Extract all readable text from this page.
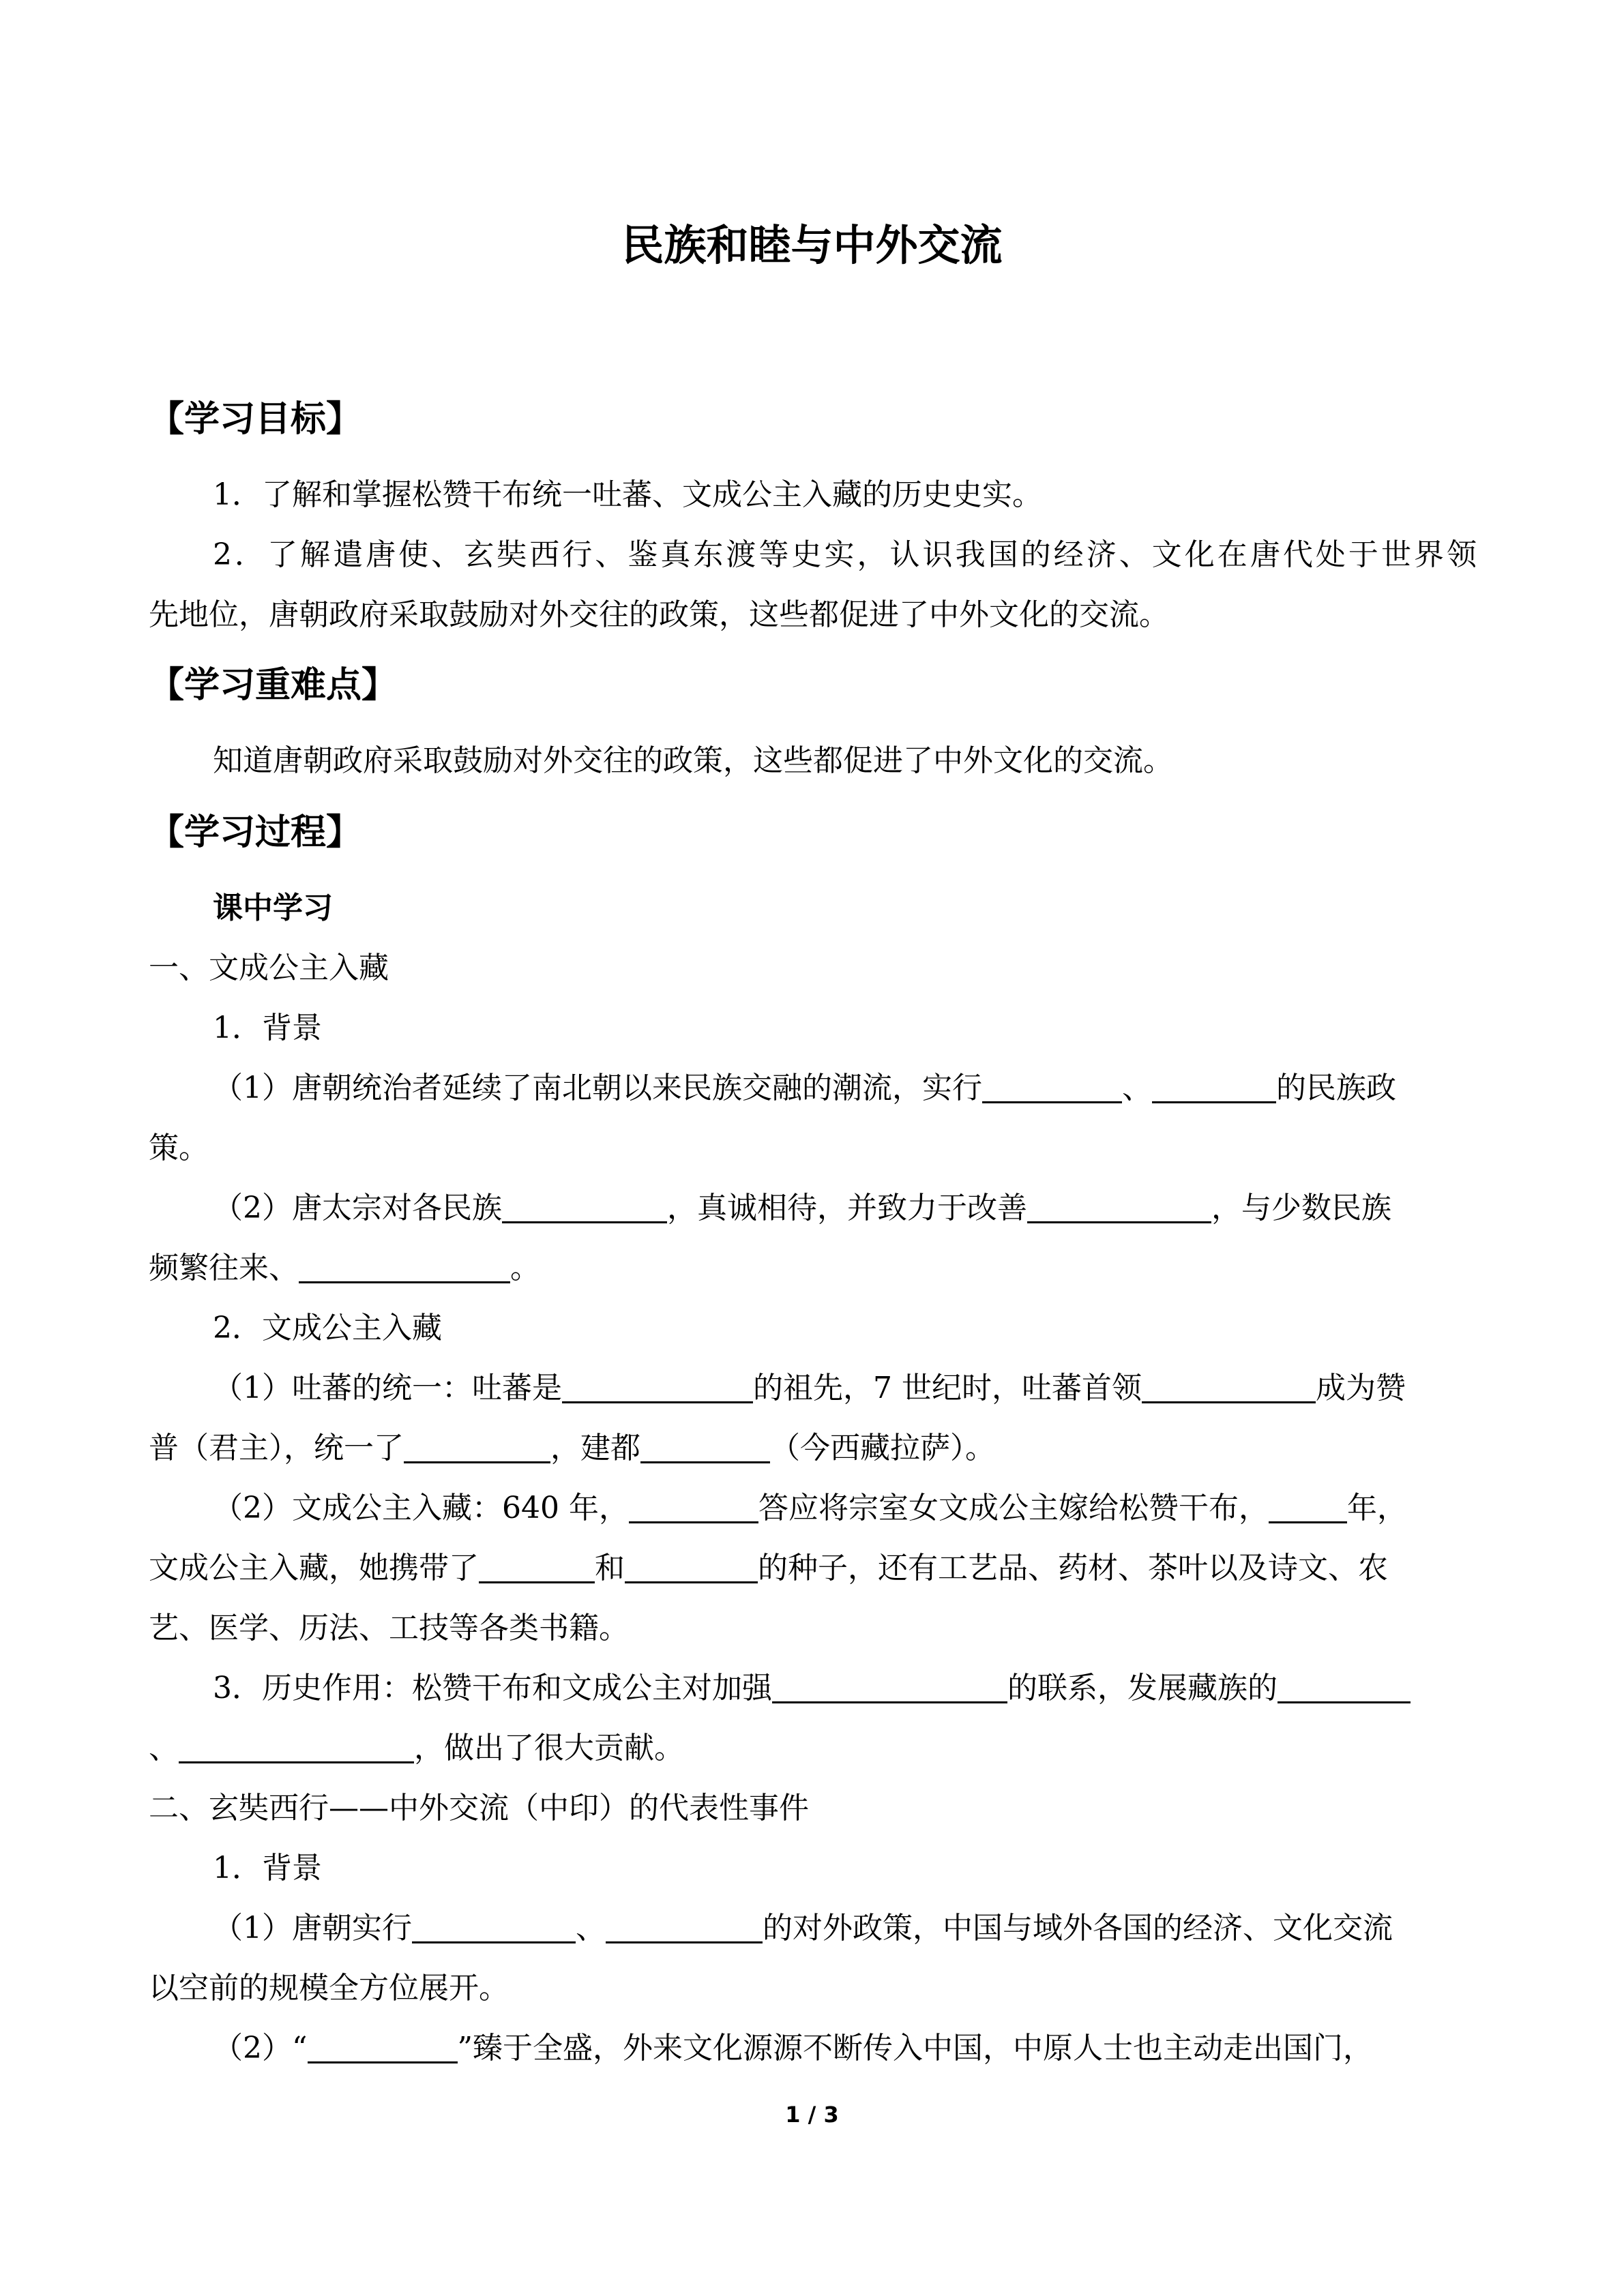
民族和睦与中外交流
【学习目标】
1．了解和掌握松赞干布统一吐蕃、文成公主入藏的历史史实。
2．了解遣唐使、玄奘西行、鉴真东渡等史实，认识我国的经济、文化在唐代处于世界领
先地位，唐朝政府采取鼓励对外交往的政策，这些都促进了中外文化的交流。
【学习重难点】
知道唐朝政府采取鼓励对外交往的政策，这些都促进了中外文化的交流。
【学习过程】
课中学习
一、文成公主入藏
1．背景
（1）唐朝统治者延续了南北朝以来民族交融的潮流，实行	、	的民族政
策。
（2）唐太宗对各民族	，真诚相待，并致力于改善	，与少数民族
频繁往来、	。
2．文成公主入藏
（1）吐蕃的统一：吐蕃是	的祖先，7 世纪时，吐蕃首领	成为赞
普（君主），统一了	，建都	（今西藏拉萨）。
（2）文成公主入藏：640 年，	答应将宗室女文成公主嫁给松赞干布，	年，
文成公主入藏，她携带了	和	的种子，还有工艺品、药材、茶叶以及诗文、农
艺、医学、历法、工技等各类书籍。
3．历史作用：松赞干布和文成公主对加强	的联系，发展藏族的
、	，做出了很大贡献。
二、玄奘西行——中外交流（中印）的代表性事件
1．背景
（1）唐朝实行	、	的对外政策，中国与域外各国的经济、文化交流
以空前的规模全方位展开。
（2）“	”臻于全盛，外来文化源源不断传入中国，中原人士也主动走出国门，
1 / 3
